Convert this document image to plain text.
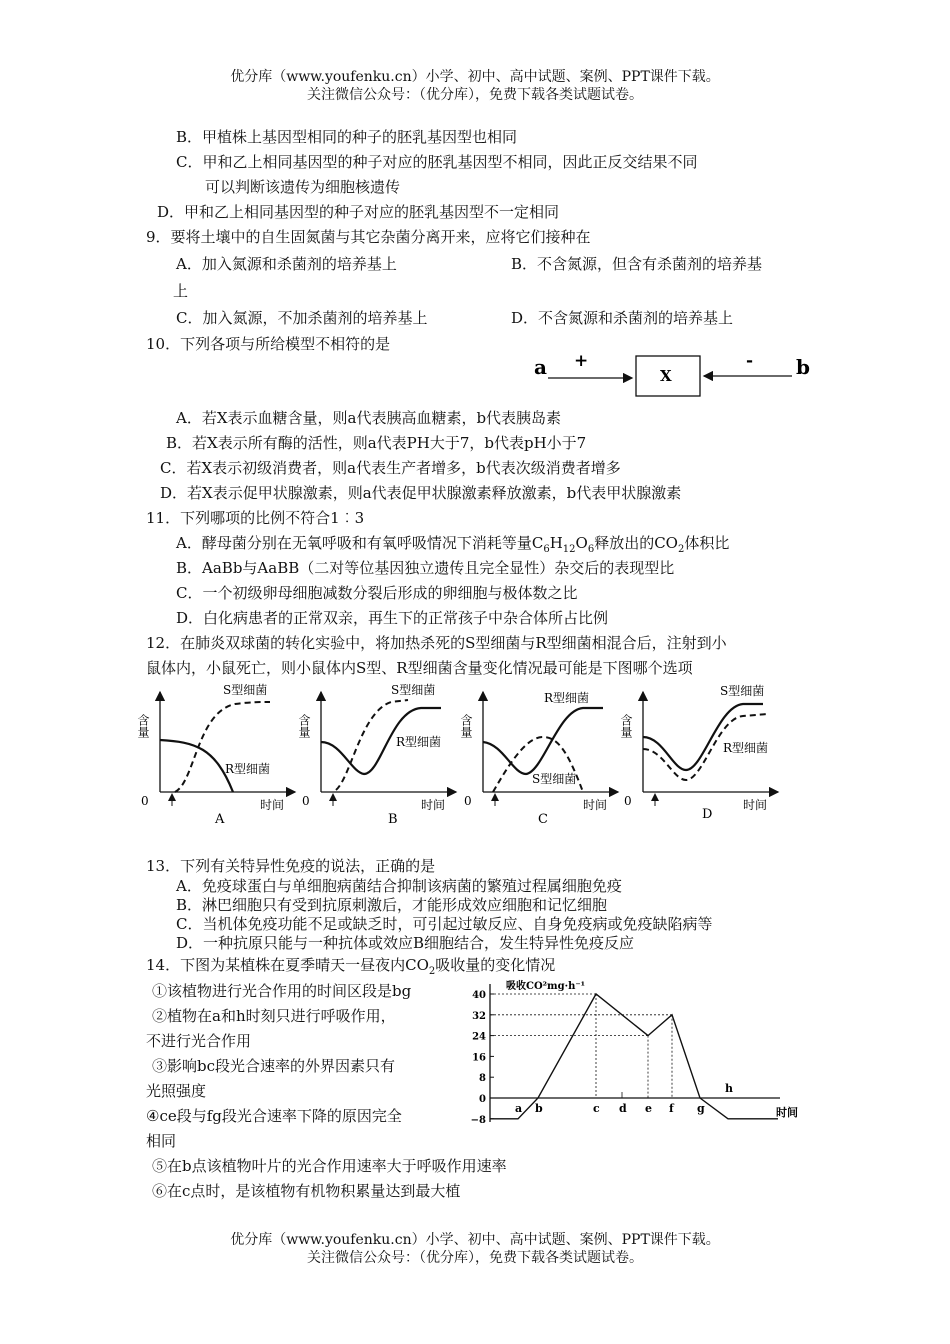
优分库（www.youfenku.cn）小学、初中、高中试题、案例、PPT课件下载。
关注微信公众号：（优分库），免费下载各类试题试卷。
B．甲植株上基因型相同的种子的胚乳基因型也相同
C．甲和乙上相同基因型的种子对应的胚乳基因型不相同，因此正反交结果不同
可以判断该遗传为细胞核遗传
D．甲和乙上相同基因型的种子对应的胚乳基因型不一定相同
9．要将土壤中的自生固氮菌与其它杂菌分离开来，应将它们接种在
A．加入氮源和杀菌剂的培养基上	B．不含氮源，但含有杀菌剂的培养基
上
C．加入氮源，不加杀菌剂的培养基上	D．不含氮源和杀菌剂的培养基上
10．下列各项与所给模型不相符的是
a +
X
- b
A．若X表示血糖含量，则a代表胰高血糖素，b代表胰岛素
B．若X表示所有酶的活性，则a代表PH大于7，b代表pH小于7
C．若X表示初级消费者，则a代表生产者增多，b代表次级消费者增多
D．若X表示促甲状腺激素，则a代表促甲状腺激素释放激素，b代表甲状腺激素
11．下列哪项的比例不符合1︰3
A．酵母菌分别在无氧呼吸和有氧呼吸情况下消耗等量$C_6H_{12}O_6$释放出的$CO_2$体积比
B．AaBb与AaBB（二对等位基因独立遗传且完全显性）杂交后的表现型比
C．一个初级卵母细胞减数分裂后形成的卵细胞与极体数之比
D．白化病患者的正常双亲，再生下的正常孩子中杂合体所占比例
12．在肺炎双球菌的转化实验中，将加热杀死的S型细菌与R型细菌相混合后，注射到小
鼠体内，小鼠死亡，则小鼠体内S型、R型细菌含量变化情况最可能是下图哪个选项
含量
0	时间
S型细菌
R型细菌
A
含量
0	时间
S型细菌
R型细菌
B
含量
0	时间
R型细菌
S型细菌
C
含量
0	时间
S型细菌
R型细菌
D
13．下列有关特异性免疫的说法，正确的是
A．免疫球蛋白与单细胞病菌结合抑制该病菌的繁殖过程属细胞免疫
B．淋巴细胞只有受到抗原刺激后，才能形成效应细胞和记忆细胞
C．当机体免疫功能不足或缺乏时，可引起过敏反应、自身免疫病或免疫缺陷病等
D．一种抗原只能与一种抗体或效应B细胞结合，发生特异性免疫反应
14．下图为某植株在夏季晴天一昼夜内$CO_2$吸收量的变化情况
①该植物进行光合作用的时间区段是bg
②植物在a和h时刻只进行呼吸作用，
不进行光合作用
③影响bc段光合速率的外界因素只有
光照强度
④ce段与fg段光合速率下降的原因完全
相同
⑤在b点该植物叶片的光合作用速率大于呼吸作用速率
⑥在c点时，是该植物有机物积累量达到最大植
吸收CO²mg·h⁻¹
时间
40
32
24
16
8
0
−8
a b	c d e f g
h
优分库（www.youfenku.cn）小学、初中、高中试题、案例、PPT课件下载。
关注微信公众号：（优分库），免费下载各类试题试卷。
